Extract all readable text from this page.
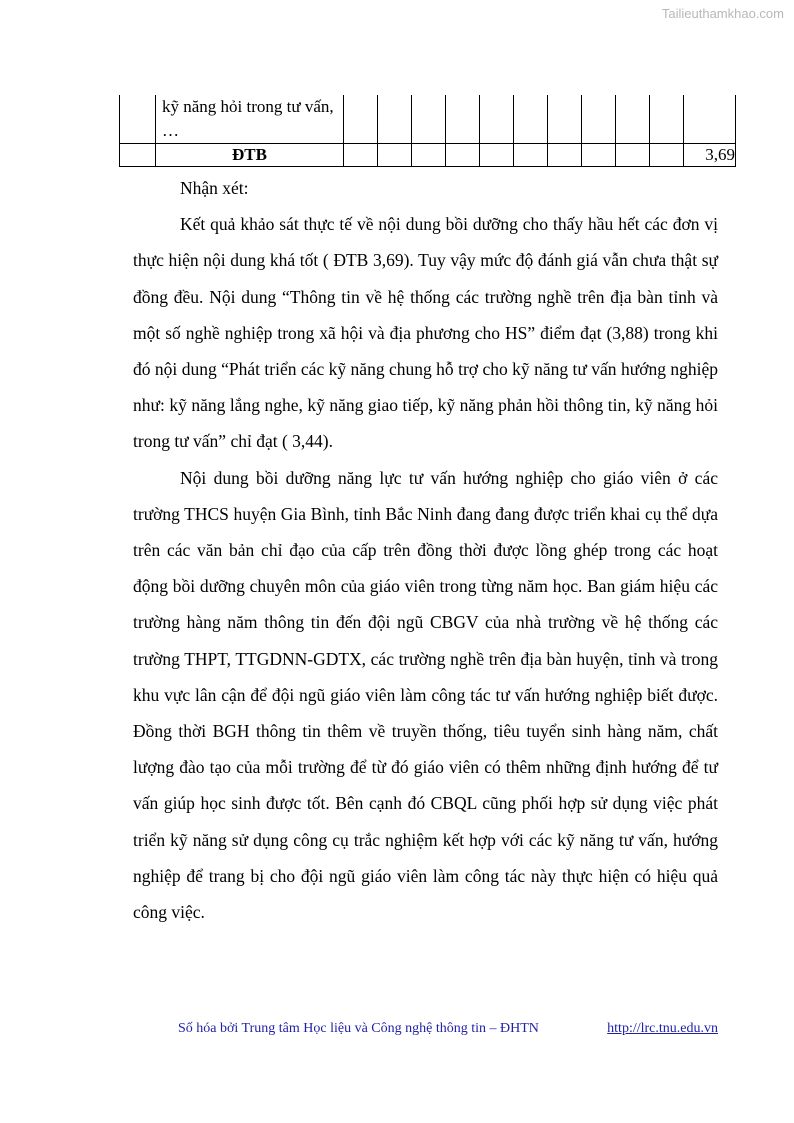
Tailieuthamkhao.com

	kỹ năng hỏi trong tư vấn,
…											

	ĐTB											3,69

Nhận xét:

Kết quả khảo sát thực tế về nội dung bồi dưỡng cho thấy hầu hết các đơn vị thực hiện nội dung khá tốt ( ĐTB 3,69). Tuy vậy mức độ đánh giá vẫn chưa thật sự đồng đều. Nội dung “Thông tin về hệ thống các trường nghề trên địa bàn tỉnh và một số nghề nghiệp trong xã hội và địa phương cho HS” điểm đạt (3,88) trong khi đó nội dung “Phát triển các kỹ năng chung hỗ trợ cho kỹ năng tư vấn hướng nghiệp như: kỹ năng lắng nghe, kỹ năng giao tiếp, kỹ năng phản hồi thông tin, kỹ năng hỏi trong tư vấn” chỉ đạt ( 3,44).

Nội dung bồi dưỡng năng lực tư vấn hướng nghiệp cho giáo viên ở các trường THCS huyện Gia Bình, tỉnh Bắc Ninh đang đang được triển khai cụ thể dựa trên các văn bản chỉ đạo của cấp trên đồng thời được lồng ghép trong các hoạt động bồi dưỡng chuyên môn của giáo viên trong từng năm học. Ban giám hiệu các trường hàng năm thông tin đến đội ngũ CBGV của nhà trường về hệ thống các trường THPT, TTGDNN-GDTX, các trường nghề trên địa bàn huyện, tỉnh và trong khu vực lân cận để đội ngũ giáo viên làm công tác tư vấn hướng nghiệp biết được. Đồng thời BGH thông tin thêm về truyền thống, tiêu tuyển sinh hàng năm, chất lượng đào tạo của mỗi trường để từ đó giáo viên có thêm những định hướng để tư vấn giúp học sinh được tốt. Bên cạnh đó CBQL cũng phối hợp sử dụng việc phát triển kỹ năng sử dụng công cụ trắc nghiệm kết hợp với các kỹ năng tư vấn, hướng nghiệp để trang bị cho đội ngũ giáo viên làm công tác này thực hiện có hiệu quả công việc.

Số hóa bởi Trung tâm Học liệu và Công nghệ thông tin – ĐHTN	http://lrc.tnu.edu.vn
